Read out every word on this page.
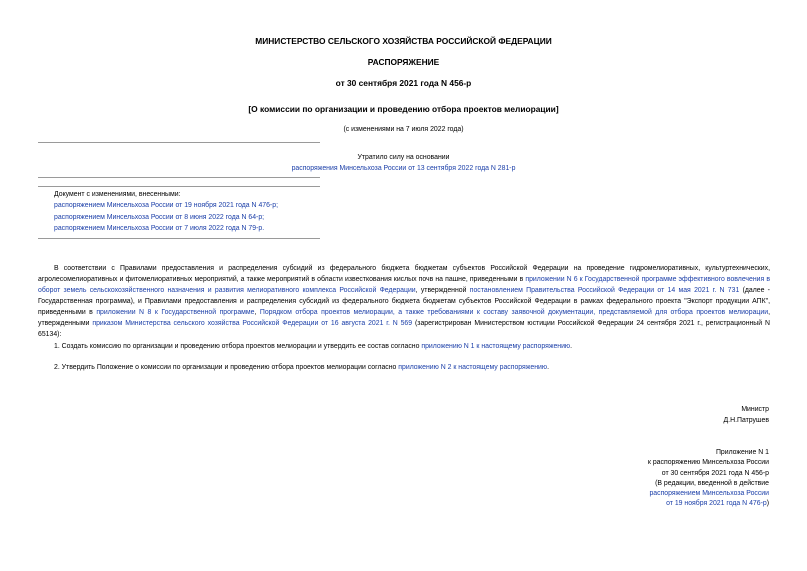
МИНИСТЕРСТВО СЕЛЬСКОГО ХОЗЯЙСТВА РОССИЙСКОЙ ФЕДЕРАЦИИ
РАСПОРЯЖЕНИЕ
от 30 сентября 2021 года N 456-р
[О комиссии по организации и проведению отбора проектов мелиорации]
(с изменениями на 7 июля 2022 года)
Утратило силу на основании
распоряжения Минсельхоза России от 13 сентября 2022 года N 281-р
Документ с изменениями, внесенными:
распоряжением Минсельхоза России от 19 ноября 2021 года N 476-р;
распоряжением Минсельхоза России от 8 июня 2022 года N 64-р;
распоряжением Минсельхоза России от 7 июля 2022 года N 79-р.
В соответствии с Правилами предоставления и распределения субсидий из федерального бюджета бюджетам субъектов Российской Федерации на проведение гидромелиоративных, культуртехнических, агролесомелиоративных и фитомелиоративных мероприятий, а также мероприятий в области известкования кислых почв на пашне, приведенными в приложении N 6 к Государственной программе эффективного вовлечения в оборот земель сельскохозяйственного назначения и развития мелиоративного комплекса Российской Федерации, утвержденной постановлением Правительства Российской Федерации от 14 мая 2021 г. N 731 (далее - Государственная программа), и Правилами предоставления и распределения субсидий из федерального бюджета бюджетам субъектов Российской Федерации в рамках федерального проекта "Экспорт продукции АПК", приведенными в приложении N 8 к Государственной программе, Порядком отбора проектов мелиорации, а также требованиями к составу заявочной документации, представляемой для отбора проектов мелиорации, утвержденными приказом Министерства сельского хозяйства Российской Федерации от 16 августа 2021 г. N 569 (зарегистрирован Министерством юстиции Российской Федерации 24 сентября 2021 г., регистрационный N 65134):
1. Создать комиссию по организации и проведению отбора проектов мелиорации и утвердить ее состав согласно приложению N 1 к настоящему распоряжению.
2. Утвердить Положение о комиссии по организации и проведению отбора проектов мелиорации согласно приложению N 2 к настоящему распоряжению.
Министр
Д.Н.Патрушев
Приложение N 1
к распоряжению Минсельхоза России
от 30 сентября 2021 года N 456-р
(В редакции, введенной в действие
распоряжением Минсельхоза России
от 19 ноября 2021 года N 476-р)
